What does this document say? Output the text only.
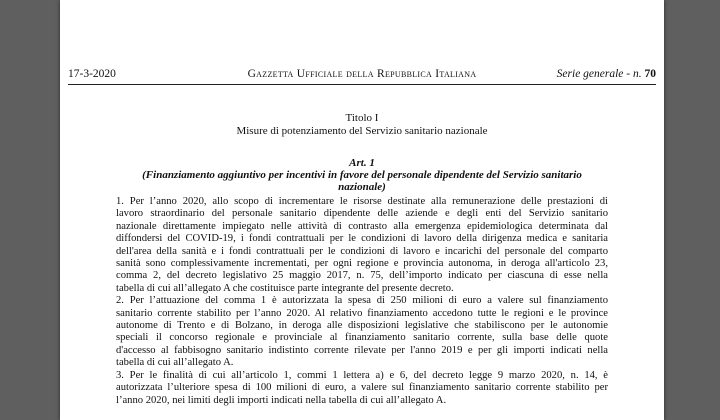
17-3-2020	Gazzetta Ufficiale della Repubblica Italiana	Serie generale - n. 70
Titolo I
Misure di potenziamento del Servizio sanitario nazionale
Art. 1
(Finanziamento aggiuntivo per incentivi in favore del personale dipendente del Servizio sanitario
nazionale)
1. Per l’anno 2020, allo scopo di incrementare le risorse destinate alla remunerazione delle prestazioni di
lavoro straordinario del personale sanitario dipendente delle aziende e degli enti del Servizio sanitario
nazionale direttamente impiegato nelle attività di contrasto alla emergenza epidemiologica determinata dal
diffondersi del COVID-19, i fondi contrattuali per le condizioni di lavoro della dirigenza medica e sanitaria
dell'area della sanità e i fondi contrattuali per le condizioni di lavoro e incarichi del personale del comparto
sanità sono complessivamente incrementati, per ogni regione e provincia autonoma, in deroga all'articolo 23,
comma 2, del decreto legislativo 25 maggio 2017, n. 75, dell’importo indicato per ciascuna di esse nella
tabella di cui all’allegato A che costituisce parte integrante del presente decreto.
2. Per l’attuazione del comma 1 è autorizzata la spesa di 250 milioni di euro a valere sul finanziamento
sanitario corrente stabilito per l’anno 2020. Al relativo finanziamento accedono tutte le regioni e le province
autonome di Trento e di Bolzano, in deroga alle disposizioni legislative che stabiliscono per le autonomie
speciali il concorso regionale e provinciale al finanziamento sanitario corrente, sulla base delle quote
d'accesso al fabbisogno sanitario indistinto corrente rilevate per l'anno 2019 e per gli importi indicati nella
tabella di cui all’allegato A.
3. Per le finalità di cui all’articolo 1, commi 1 lettera a) e 6, del decreto legge 9 marzo 2020, n. 14, è
autorizzata l’ulteriore spesa di 100 milioni di euro, a valere sul finanziamento sanitario corrente stabilito per
l’anno 2020, nei limiti degli importi indicati nella tabella di cui all’allegato A.
